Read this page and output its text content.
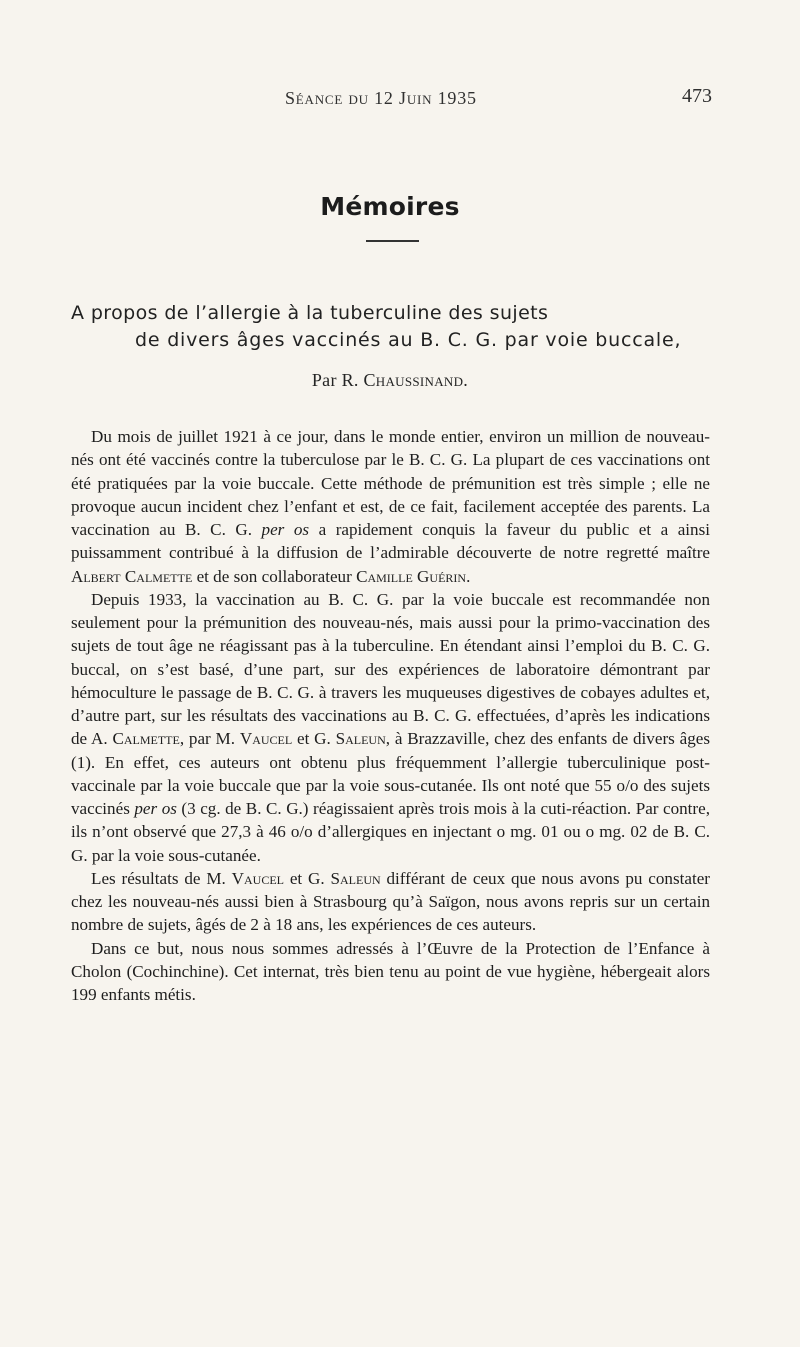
Séance du 12 Juin 1935	473
Mémoires
A propos de l’allergie à la tuberculine des sujets
de divers âges vaccinés au B. C. G. par voie buccale,
Par R. Chaussinand.

Du mois de juillet 1921 à ce jour, dans le monde entier, environ un million de nouveau-nés ont été vaccinés contre la tuberculose par le B. C. G. La plupart de ces vaccinations ont été pratiquées par la voie buccale. Cette méthode de prémunition est très simple ; elle ne provoque aucun incident chez l’enfant et est, de ce fait, facilement acceptée des parents. La vaccination au B. C. G. per os a rapidement conquis la faveur du public et a ainsi puissamment contribué à la diffusion de l’admirable découverte de notre regretté maître Albert Calmette et de son collaborateur Camille Guérin.

Depuis 1933, la vaccination au B. C. G. par la voie buccale est recommandée non seulement pour la prémunition des nouveau-nés, mais aussi pour la primo-vaccination des sujets de tout âge ne réagissant pas à la tuberculine. En étendant ainsi l’emploi du B. C. G. buccal, on s’est basé, d’une part, sur des expériences de laboratoire démontrant par hémoculture le passage de B. C. G. à travers les muqueuses digestives de cobayes adultes et, d’autre part, sur les résultats des vaccinations au B. C. G. effectuées, d’après les indications de A. Calmette, par M. Vaucel et G. Saleun, à Brazzaville, chez des enfants de divers âges (1). En effet, ces auteurs ont obtenu plus fréquemment l’allergie tuberculinique post-vaccinale par la voie buccale que par la voie sous-cutanée. Ils ont noté que 55 o/o des sujets vaccinés per os (3 cg. de B. C. G.) réagissaient après trois mois à la cuti-réaction. Par contre, ils n’ont observé que 27,3 à 46 o/o d’allergiques en injectant o mg. 01 ou o mg. 02 de B. C. G. par la voie sous-cutanée.

Les résultats de M. Vaucel et G. Saleun différant de ceux que nous avons pu constater chez les nouveau-nés aussi bien à Strasbourg qu’à Saïgon, nous avons repris sur un certain nombre de sujets, âgés de 2 à 18 ans, les expériences de ces auteurs.

Dans ce but, nous nous sommes adressés à l’Œuvre de la Protection de l’Enfance à Cholon (Cochinchine). Cet internat, très bien tenu au point de vue hygiène, hébergeait alors 199 enfants métis.
